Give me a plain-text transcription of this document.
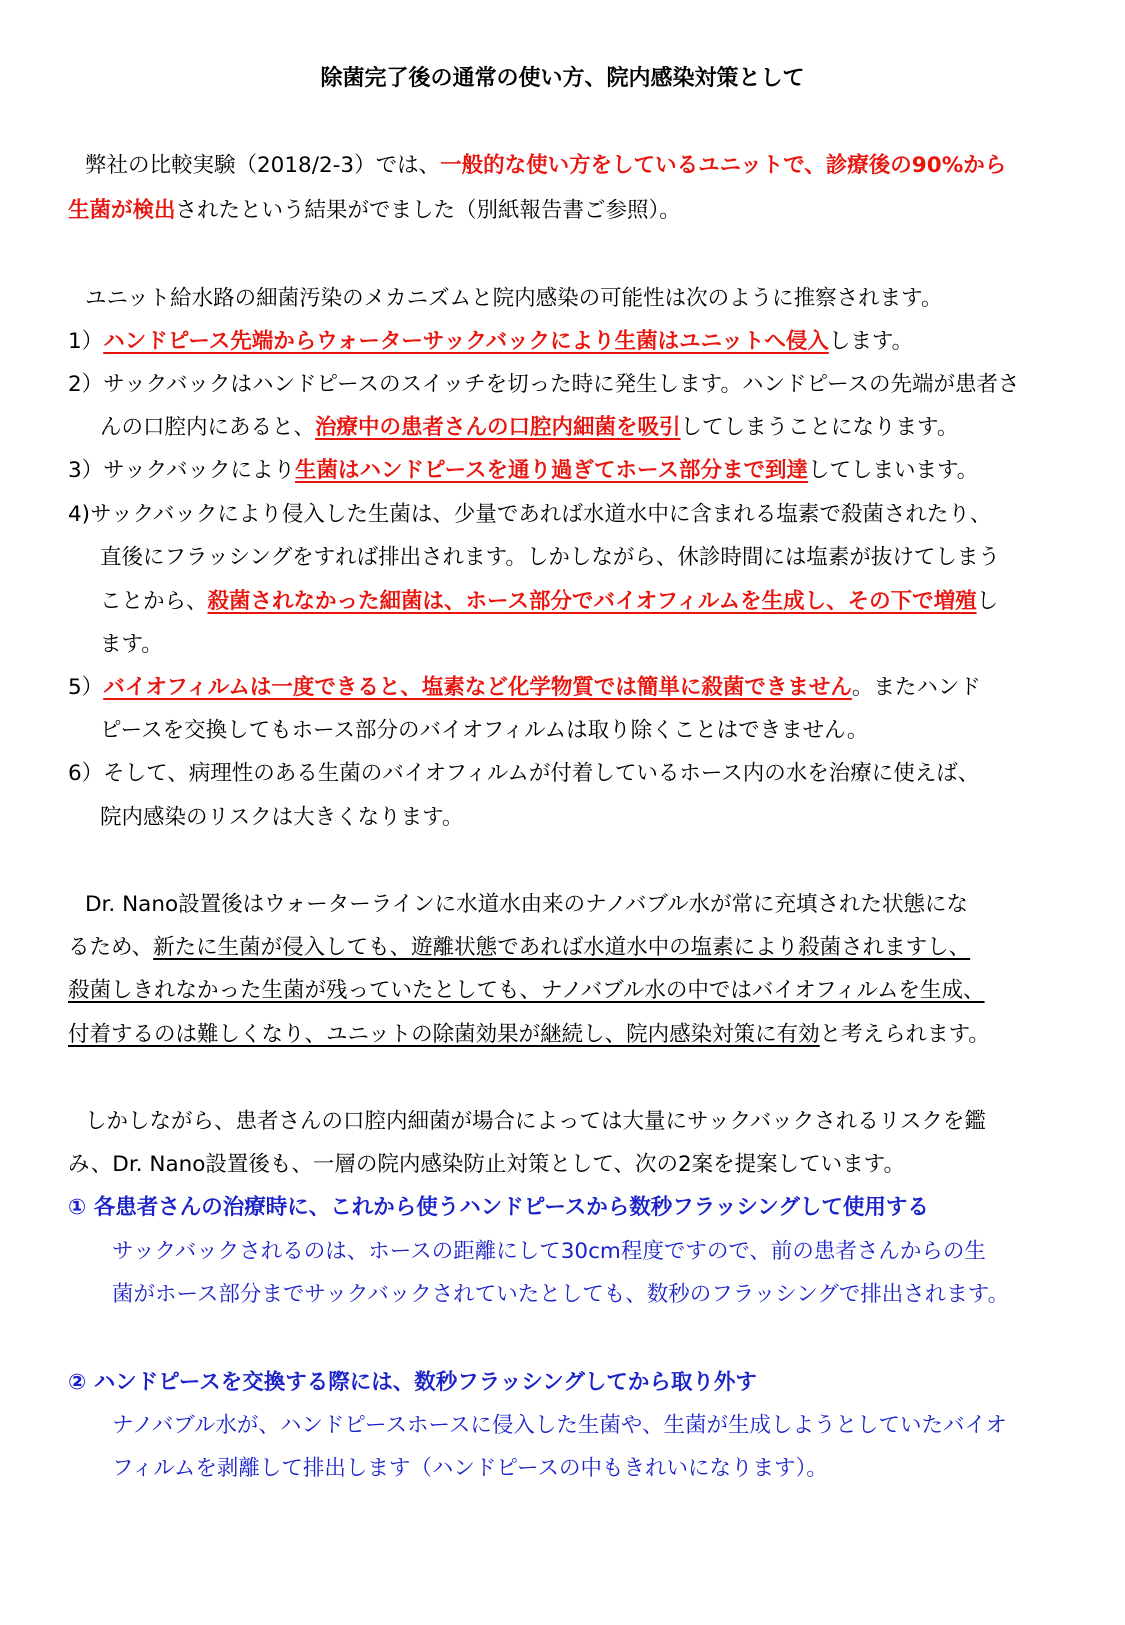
除菌完了後の通常の使い方、院内感染対策として
弊社の比較実験（2018/2-3）では、一般的な使い方をしているユニットで、診療後の90%から
生菌が検出されたという結果がでました（別紙報告書ご参照）。
ユニット給水路の細菌汚染のメカニズムと院内感染の可能性は次のように推察されます。
1）ハンドピース先端からウォーターサックバックにより生菌はユニットへ侵入します。
2）サックバックはハンドピースのスイッチを切った時に発生します。ハンドピースの先端が患者さ
んの口腔内にあると、治療中の患者さんの口腔内細菌を吸引してしまうことになります。
3）サックバックにより生菌はハンドピースを通り過ぎてホース部分まで到達してしまいます。
4)サックバックにより侵入した生菌は、少量であれば水道水中に含まれる塩素で殺菌されたり、
直後にフラッシングをすれば排出されます。しかしながら、休診時間には塩素が抜けてしまう
ことから、殺菌されなかった細菌は、ホース部分でバイオフィルムを生成し、その下で増殖し
ます。
5）バイオフィルムは一度できると、塩素など化学物質では簡単に殺菌できません。またハンド
ピースを交換してもホース部分のバイオフィルムは取り除くことはできません。
6）そして、病理性のある生菌のバイオフィルムが付着しているホース内の水を治療に使えば、
院内感染のリスクは大きくなります。
Dr. Nano設置後はウォーターラインに水道水由来のナノバブル水が常に充填された状態にな
るため、新たに生菌が侵入しても、遊離状態であれば水道水中の塩素により殺菌されますし、
殺菌しきれなかった生菌が残っていたとしても、ナノバブル水の中ではバイオフィルムを生成、
付着するのは難しくなり、ユニットの除菌効果が継続し、院内感染対策に有効と考えられます。
しかしながら、患者さんの口腔内細菌が場合によっては大量にサックバックされるリスクを鑑
み、Dr. Nano設置後も、一層の院内感染防止対策として、次の2案を提案しています。
① 各患者さんの治療時に、これから使うハンドピースから数秒フラッシングして使用する
サックバックされるのは、ホースの距離にして30cm程度ですので、前の患者さんからの生
菌がホース部分までサックバックされていたとしても、数秒のフラッシングで排出されます。
② ハンドピースを交換する際には、数秒フラッシングしてから取り外す
ナノバブル水が、ハンドピースホースに侵入した生菌や、生菌が生成しようとしていたバイオ
フィルムを剥離して排出します（ハンドピースの中もきれいになります）。
